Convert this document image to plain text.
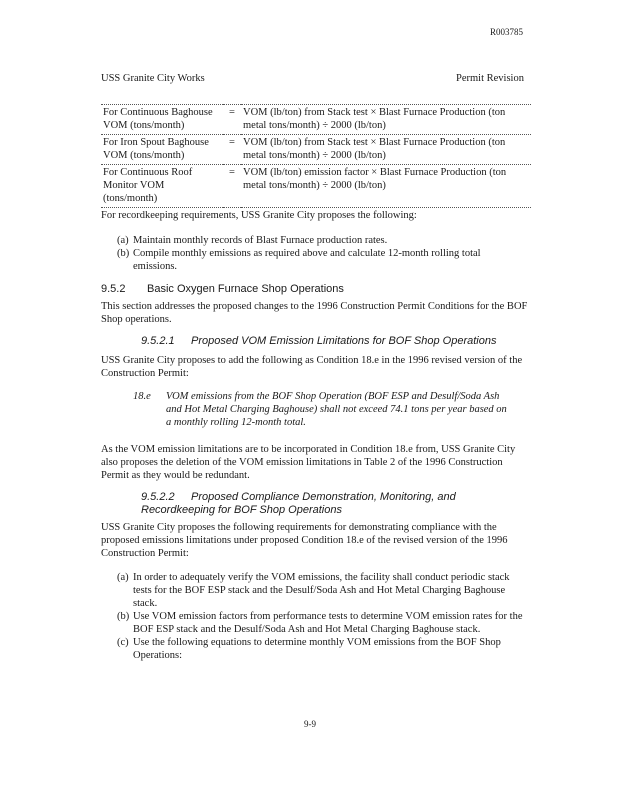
R003785
USS Granite City Works	Permit Revision
For Continuous Baghouse VOM (tons/month)	=	VOM (lb/ton) from Stack test × Blast Furnace Production (ton metal tons/month) ÷ 2000 (lb/ton)
For Iron Spout Baghouse VOM (tons/month)	=	VOM (lb/ton) from Stack test × Blast Furnace Production (ton metal tons/month) ÷ 2000 (lb/ton)
For Continuous Roof Monitor VOM (tons/month)	=	VOM (lb/ton) emission factor × Blast Furnace Production (ton metal tons/month) ÷ 2000 (lb/ton)
For recordkeeping requirements, USS Granite City proposes the following:
(a) Maintain monthly records of Blast Furnace production rates.
(b) Compile monthly emissions as required above and calculate 12-month rolling total emissions.
9.5.2 Basic Oxygen Furnace Shop Operations
This section addresses the proposed changes to the 1996 Construction Permit Conditions for the BOF Shop operations.
9.5.2.1 Proposed VOM Emission Limitations for BOF Shop Operations
USS Granite City proposes to add the following as Condition 18.e in the 1996 revised version of the Construction Permit:
18.e	VOM emissions from the BOF Shop Operation (BOF ESP and Desulf/Soda Ash and Hot Metal Charging Baghouse) shall not exceed 74.1 tons per year based on a monthly rolling 12-month total.
As the VOM emission limitations are to be incorporated in Condition 18.e from, USS Granite City also proposes the deletion of the VOM emission limitations in Table 2 of the 1996 Construction Permit as they would be redundant.
9.5.2.2 Proposed Compliance Demonstration, Monitoring, and Recordkeeping for BOF Shop Operations
USS Granite City proposes the following requirements for demonstrating compliance with the proposed emissions limitations under proposed Condition 18.e of the revised version of the 1996 Construction Permit:
(a) In order to adequately verify the VOM emissions, the facility shall conduct periodic stack tests for the BOF ESP stack and the Desulf/Soda Ash and Hot Metal Charging Baghouse stack.
(b) Use VOM emission factors from performance tests to determine VOM emission rates for the BOF ESP stack and the Desulf/Soda Ash and Hot Metal Charging Baghouse stack.
(c) Use the following equations to determine monthly VOM emissions from the BOF Shop Operations:
9-9
